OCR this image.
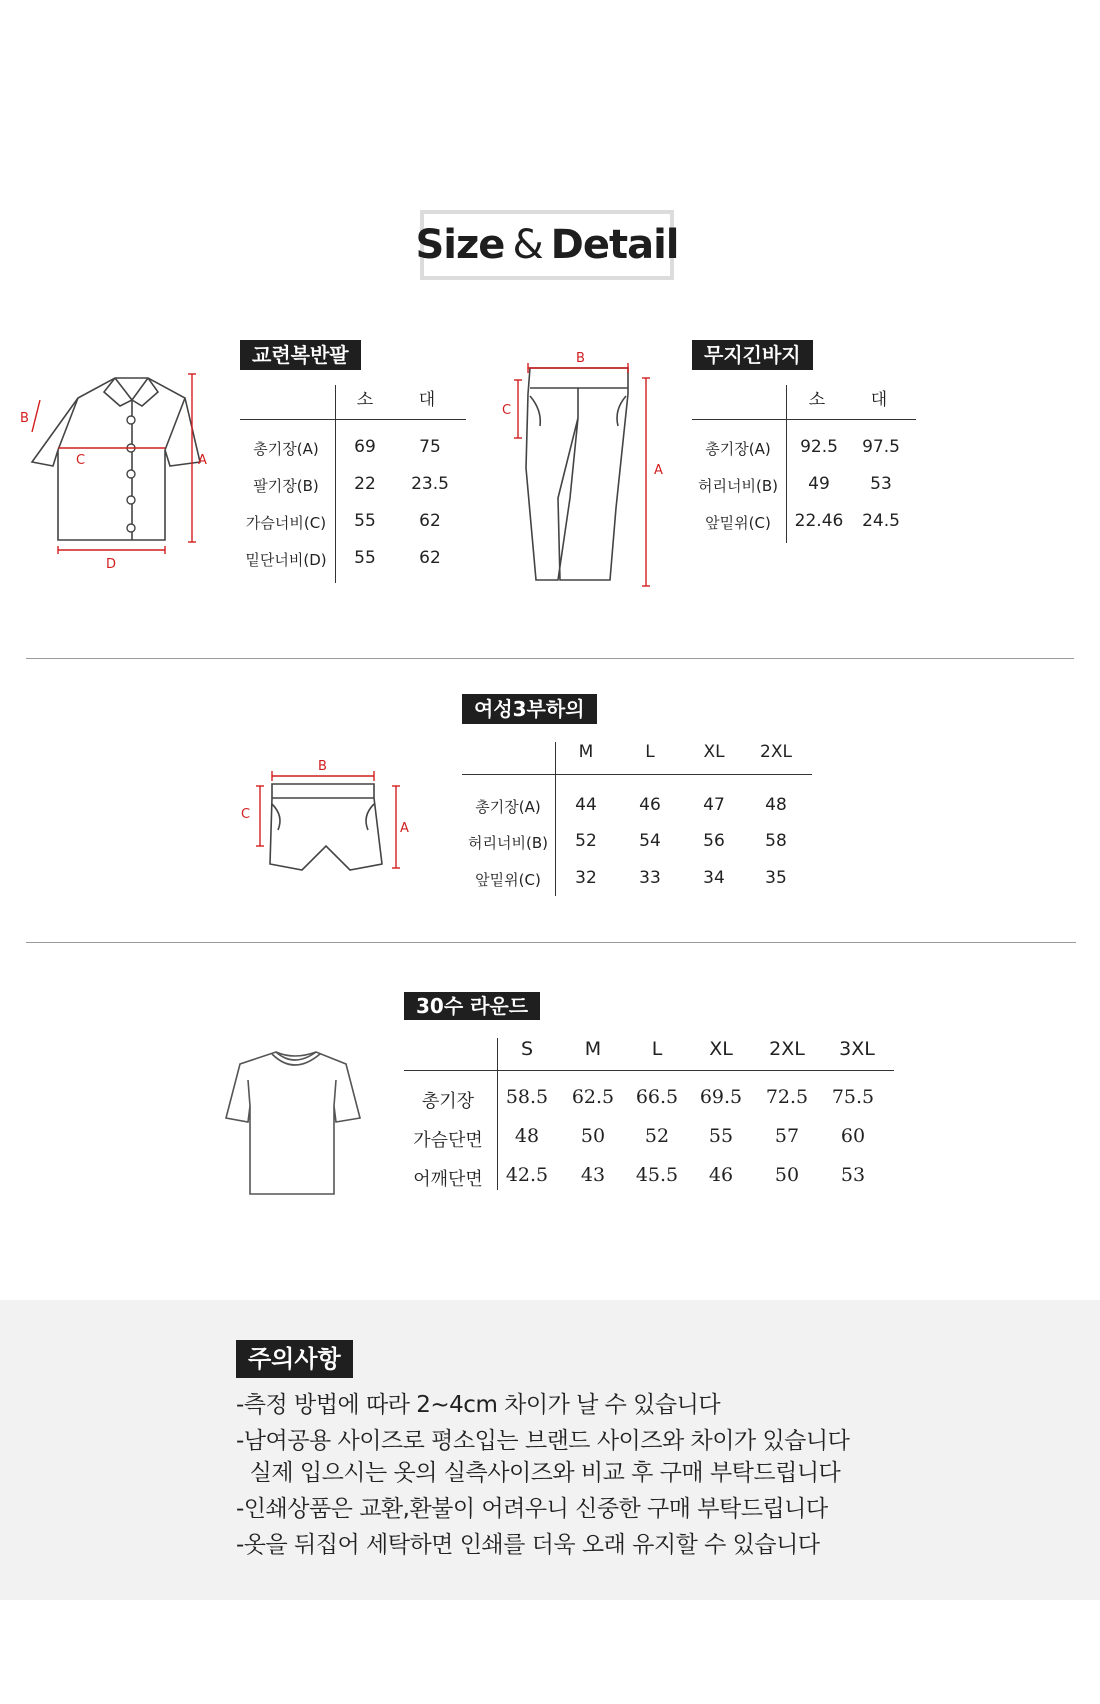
Size & Detail
교련복반팔
A
B
C
D
소	대
총기장(A)	69	75
팔기장(B)	22	23.5
가슴너비(C)	55	62
밑단너비(D)	55	62
A
B
C
무지긴바지
소	대
총기장(A)	92.5	97.5
허리너비(B)	49	53
앞밑위(C)	22.46	24.5
여성3부하의
A
B
C
M	L	XL	2XL
총기장(A)	44	46	47	48
허리너비(B)	52	54	56	58
앞밑위(C)	32	33	34	35
30수 라운드
S	M	L	XL	2XL	3XL
총기장	58.5	62.5	66.5	69.5	72.5	75.5
가슴단면	48	50	52	55	57	60
어깨단면	42.5	43	45.5	46	50	53
주의사항
-측정 방법에 따라 2~4cm 차이가 날 수 있습니다
-남여공용 사이즈로 평소입는 브랜드 사이즈와 차이가 있습니다
실제 입으시는 옷의 실측사이즈와 비교 후 구매 부탁드립니다
-인쇄상품은 교환,환불이 어려우니 신중한 구매 부탁드립니다
-옷을 뒤집어 세탁하면 인쇄를 더욱 오래 유지할 수 있습니다
